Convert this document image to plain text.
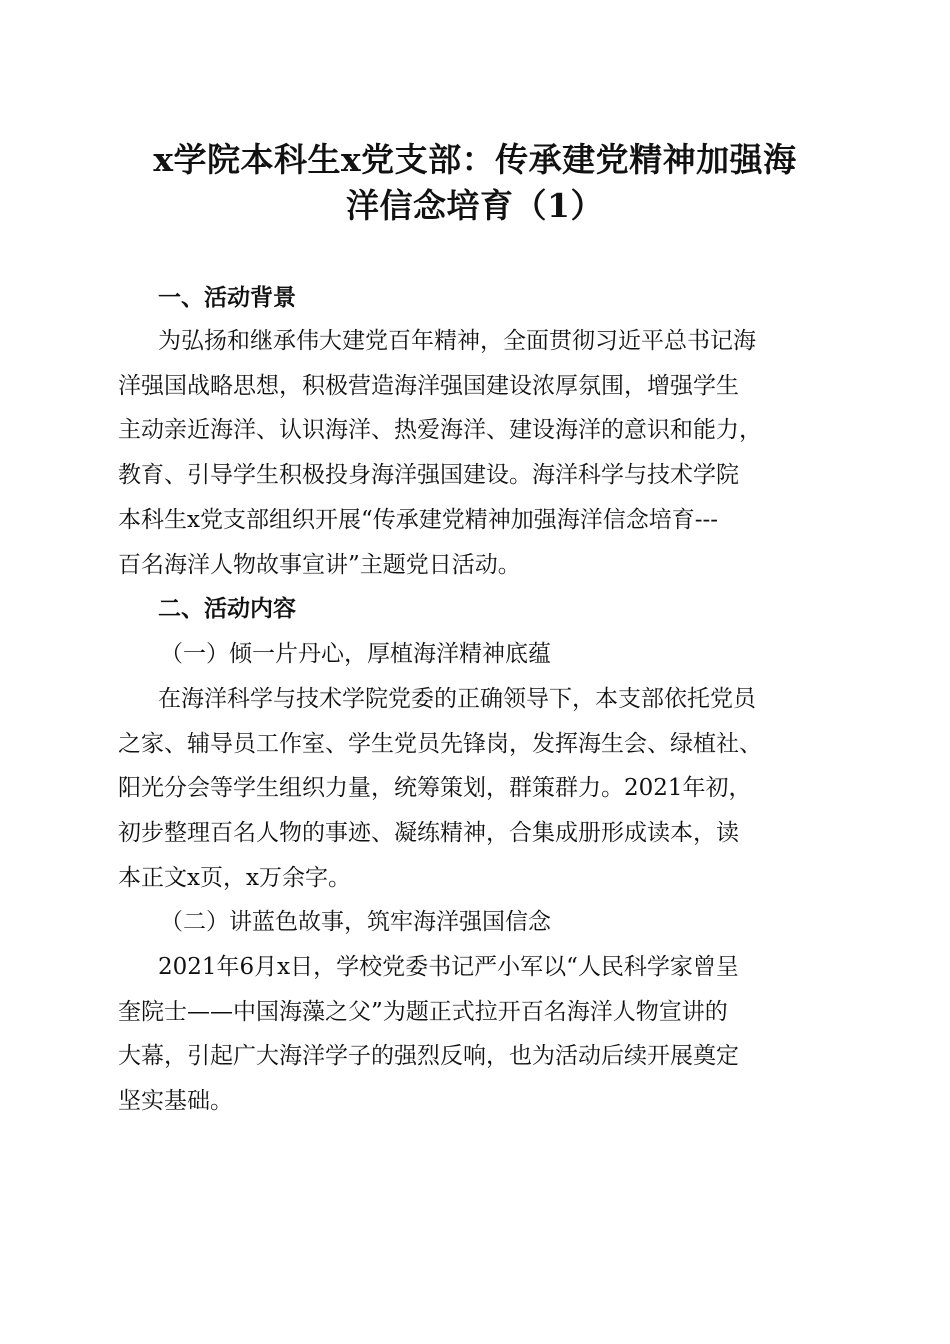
x学院本科生x党支部：传承建党精神加强海
洋信念培育（1）
一、活动背景
为弘扬和继承伟大建党百年精神，全面贯彻习近平总书记海
洋强国战略思想，积极营造海洋强国建设浓厚氛围，增强学生
主动亲近海洋、认识海洋、热爱海洋、建设海洋的意识和能力，
教育、引导学生积极投身海洋强国建设。海洋科学与技术学院
本科生x党支部组织开展“传承建党精神加强海洋信念培育---
百名海洋人物故事宣讲”主题党日活动。
二、活动内容
（一）倾一片丹心，厚植海洋精神底蕴
在海洋科学与技术学院党委的正确领导下，本支部依托党员
之家、辅导员工作室、学生党员先锋岗，发挥海生会、绿植社、
阳光分会等学生组织力量，统筹策划，群策群力。2021年初，
初步整理百名人物的事迹、凝练精神，合集成册形成读本，读
本正文x页，x万余字。
（二）讲蓝色故事，筑牢海洋强国信念
2021年6月x日，学校党委书记严小军以“人民科学家曾呈
奎院士——中国海藻之父”为题正式拉开百名海洋人物宣讲的
大幕，引起广大海洋学子的强烈反响，也为活动后续开展奠定
坚实基础。
